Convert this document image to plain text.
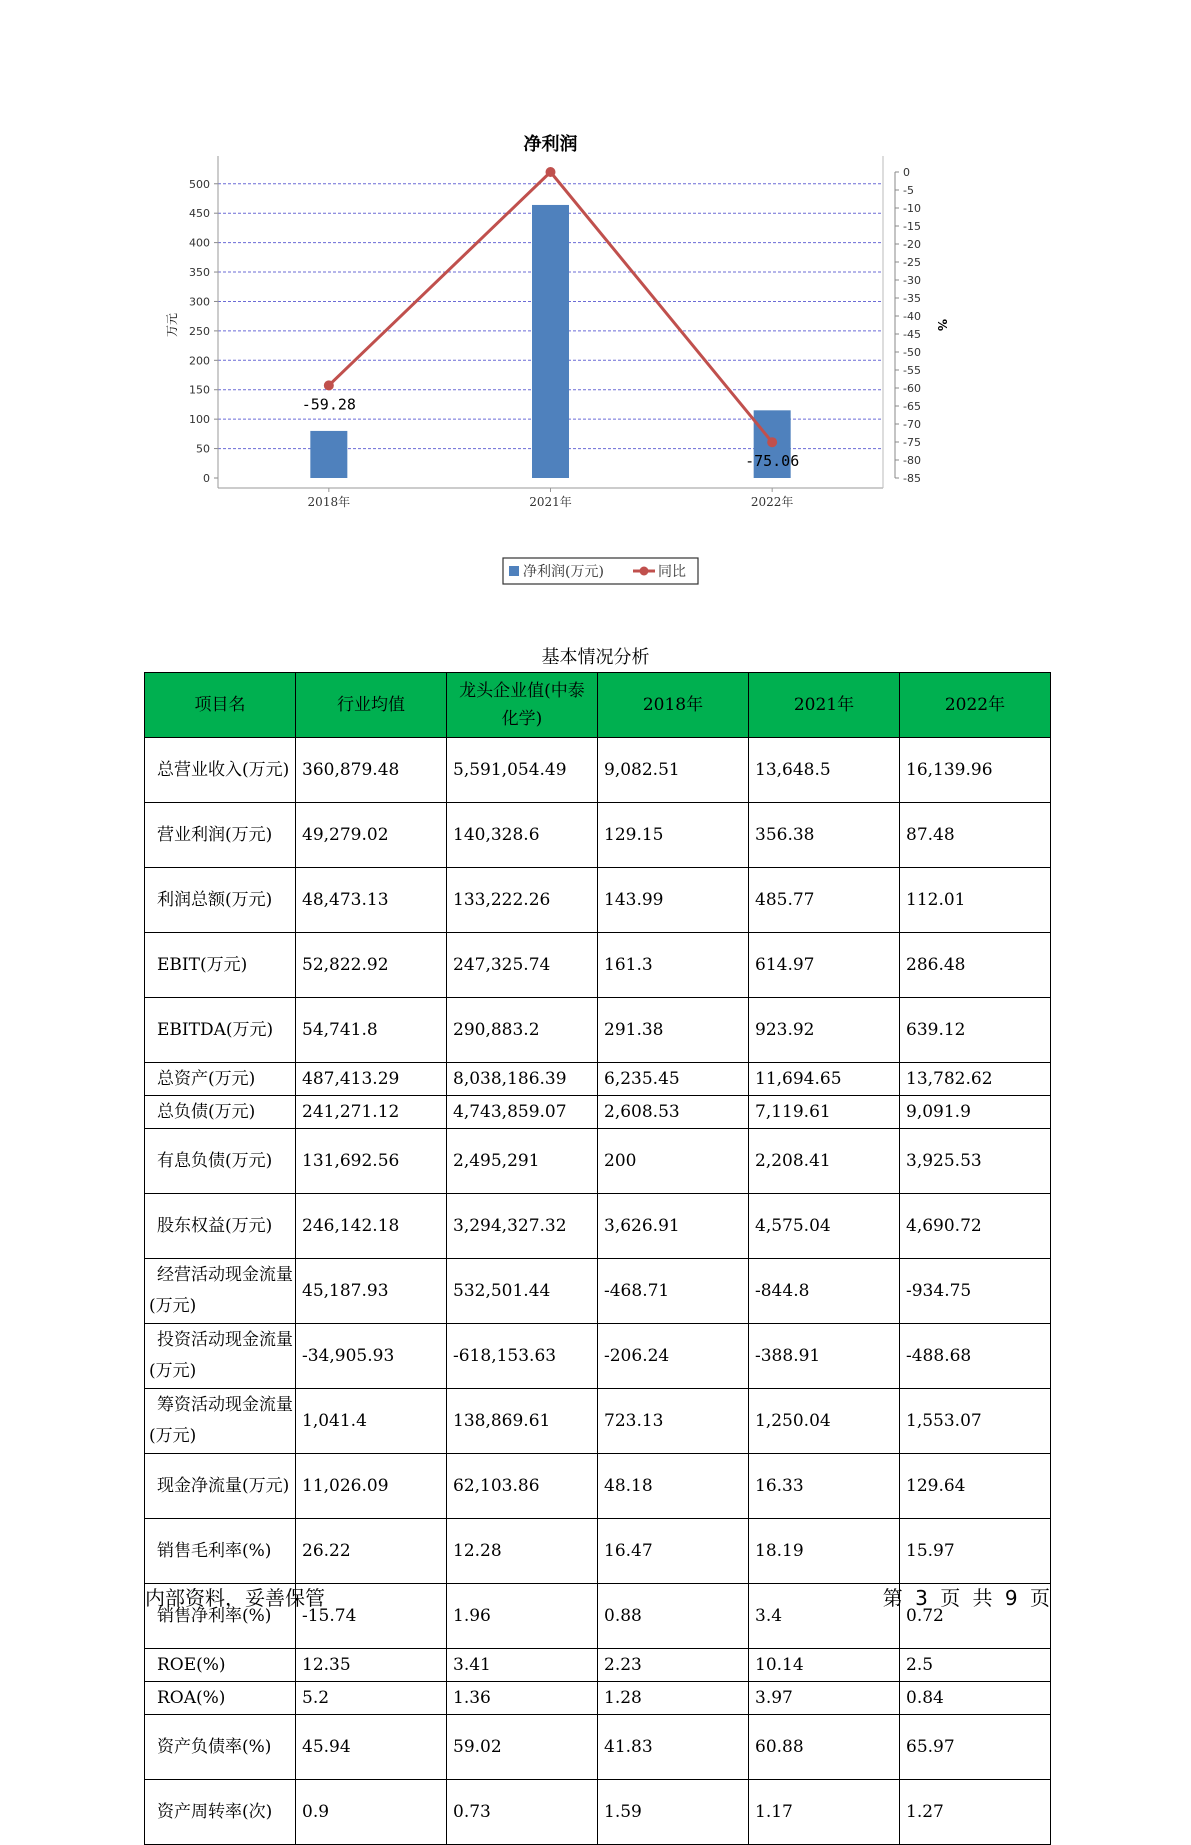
净利润
0
50
100
150
200
250
300
350
400
450
500
0
-5
-10
-15
-20
-25
-30
-35
-40
-45
-50
-55
-60
-65
-70
-75
-80
-85
万元	%
2018年	2021年	2022年
-59.28
-75.06
净利润(万元)	同比
基本情况分析
项目名	行业均值	龙头企业值(中泰化学)	2018年	2021年	2022年

总营业收入(万元)	360,879.48	5,591,054.49	9,082.51	13,648.5	16,139.96

营业利润(万元)	49,279.02	140,328.6	129.15	356.38	87.48

利润总额(万元)	48,473.13	133,222.26	143.99	485.77	112.01

EBIT(万元)	52,822.92	247,325.74	161.3	614.97	286.48

EBITDA(万元)	54,741.8	290,883.2	291.38	923.92	639.12

总资产(万元)	487,413.29	8,038,186.39	6,235.45	11,694.65	13,782.62

总负债(万元)	241,271.12	4,743,859.07	2,608.53	7,119.61	9,091.9

有息负债(万元)	131,692.56	2,495,291	200	2,208.41	3,925.53

股东权益(万元)	246,142.18	3,294,327.32	3,626.91	4,575.04	4,690.72

经营活动现金流量(万元)	45,187.93	532,501.44	-468.71	-844.8	-934.75

投资活动现金流量(万元)	-34,905.93	-618,153.63	-206.24	-388.91	-488.68

筹资活动现金流量(万元)	1,041.4	138,869.61	723.13	1,250.04	1,553.07

现金净流量(万元)	11,026.09	62,103.86	48.18	16.33	129.64

销售毛利率(%)	26.22	12.28	16.47	18.19	15.97

销售净利率(%)	-15.74	1.96	0.88	3.4	0.72

ROE(%)	12.35	3.41	2.23	10.14	2.5

ROA(%)	5.2	1.36	1.28	3.97	0.84

资产负债率(%)	45.94	59.02	41.83	60.88	65.97

资产周转率(次)	0.9	0.73	1.59	1.17	1.27
内部资料，妥善保管	第 3 页 共 9 页
